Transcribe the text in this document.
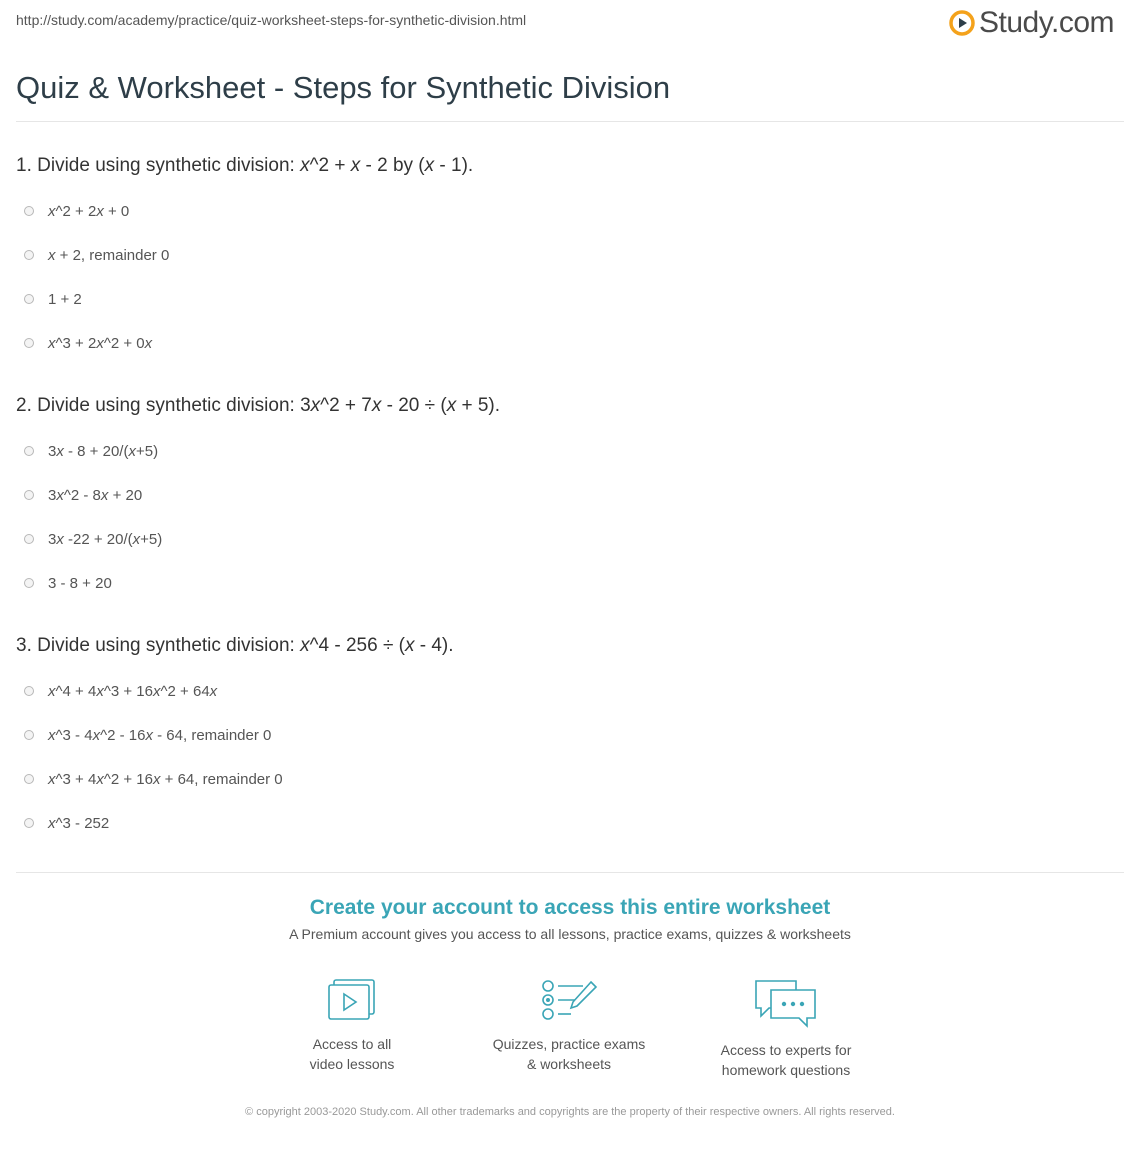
http://study.com/academy/practice/quiz-worksheet-steps-for-synthetic-division.html	Study.com
Quiz & Worksheet - Steps for Synthetic Division

1. Divide using synthetic division: x^2 + x - 2 by (x - 1).

x^2 + 2x + 0
x + 2, remainder 0
1 + 2
x^3 + 2x^2 + 0x

2. Divide using synthetic division: 3x^2 + 7x - 20 ÷ (x + 5).

3x - 8 + 20/(x+5)
3x^2 - 8x + 20
3x -22 + 20/(x+5)
3 - 8 + 20

3. Divide using synthetic division: x^4 - 256 ÷ (x - 4).

x^4 + 4x^3 + 16x^2 + 64x
x^3 - 4x^2 - 16x - 64, remainder 0
x^3 + 4x^2 + 16x + 64, remainder 0
x^3 - 252
Create your account to access this entire worksheet
A Premium account gives you access to all lessons, practice exams, quizzes & worksheets
Access to all
video lessons
Quizzes, practice exams
& worksheets
Access to experts for
homework questions
© copyright 2003-2020 Study.com. All other trademarks and copyrights are the property of their respective owners. All rights reserved.
